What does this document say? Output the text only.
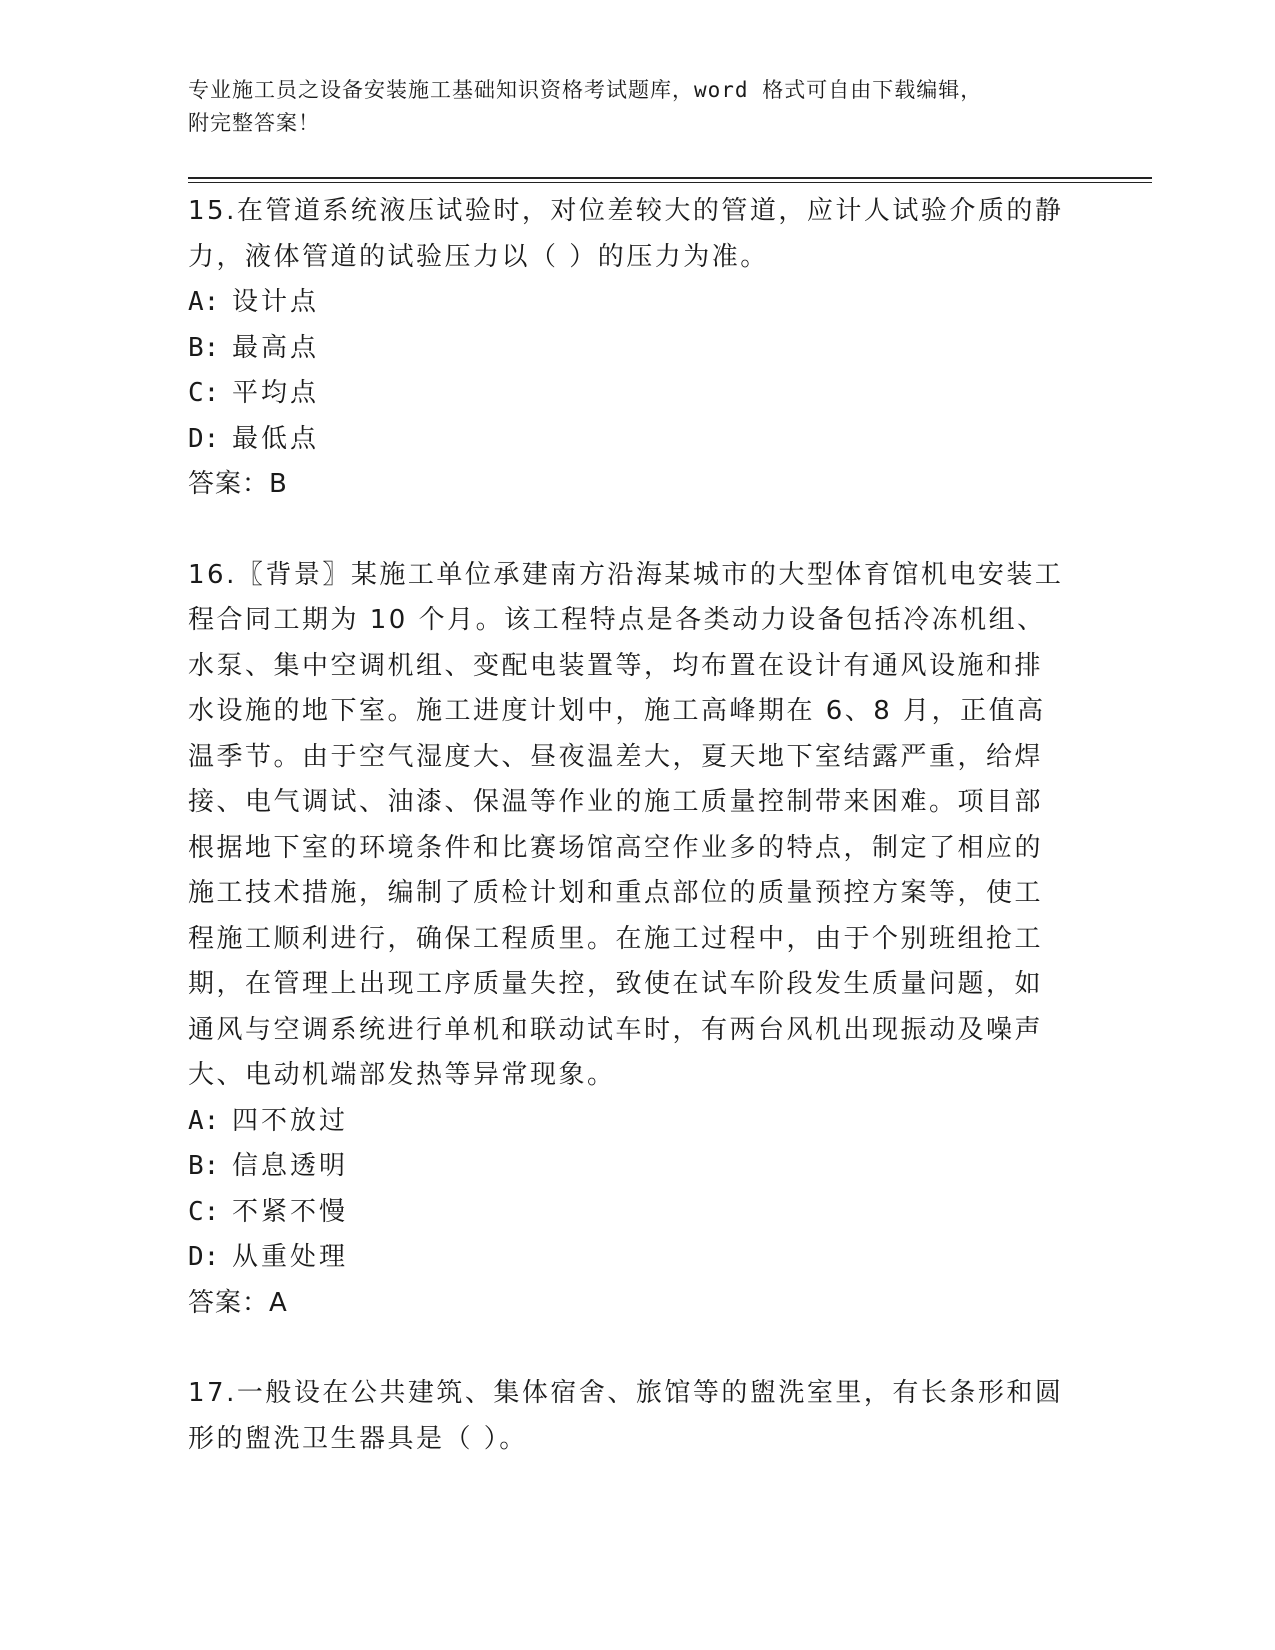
专业施工员之设备安装施工基础知识资格考试题库，word 格式可自由下载编辑，
附完整答案！
15.在管道系统液压试验时，对位差较大的管道，应计人试验介质的静力，液体管道的试验压力以（ ）的压力为准。
A: 设计点
B: 最高点
C: 平均点
D: 最低点
答案：B
16.〖背景〗某施工单位承建南方沿海某城市的大型体育馆机电安装工程合同工期为 10 个月。该工程特点是各类动力设备包括冷冻机组、水泵、集中空调机组、变配电装置等，均布置在设计有通风设施和排水设施的地下室。施工进度计划中，施工高峰期在 6、8 月，正值高温季节。由于空气湿度大、昼夜温差大，夏天地下室结露严重，给焊接、电气调试、油漆、保温等作业的施工质量控制带来困难。项目部根据地下室的环境条件和比赛场馆高空作业多的特点，制定了相应的施工技术措施，编制了质检计划和重点部位的质量预控方案等，使工程施工顺利进行，确保工程质里。在施工过程中，由于个别班组抢工期，在管理上出现工序质量失控，致使在试车阶段发生质量问题，如通风与空调系统进行单机和联动试车时，有两台风机出现振动及噪声大、电动机端部发热等异常现象。
A: 四不放过
B: 信息透明
C: 不紧不慢
D: 从重处理
答案：A
17.一般设在公共建筑、集体宿舍、旅馆等的盥洗室里，有长条形和圆形的盥洗卫生器具是（ ）。
